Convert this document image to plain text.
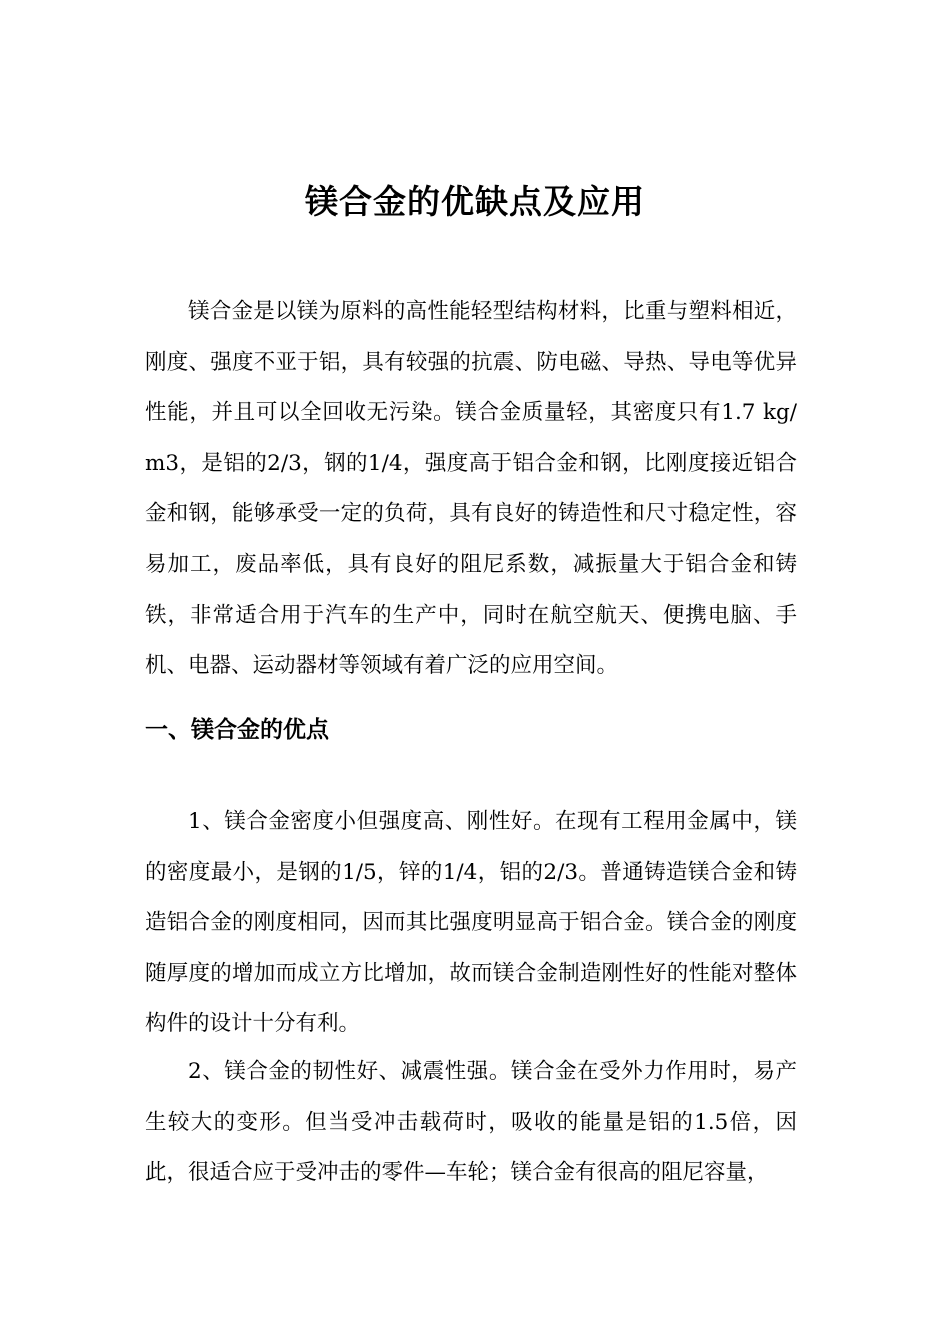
镁合金的优缺点及应用

镁合金是以镁为原料的高性能轻型结构材料，比重与塑料相近，刚度、强度不亚于铝，具有较强的抗震、防电磁、导热、导电等优异性能，并且可以全回收无污染。镁合金质量轻，其密度只有1.7 kg/m3，是铝的2/3，钢的1/4，强度高于铝合金和钢，比刚度接近铝合金和钢，能够承受一定的负荷，具有良好的铸造性和尺寸稳定性，容易加工，废品率低，具有良好的阻尼系数，减振量大于铝合金和铸铁，非常适合用于汽车的生产中，同时在航空航天、便携电脑、手机、电器、运动器材等领域有着广泛的应用空间。

一、镁合金的优点

1、镁合金密度小但强度高、刚性好。在现有工程用金属中，镁的密度最小，是钢的1/5，锌的1/4，铝的2/3。普通铸造镁合金和铸造铝合金的刚度相同，因而其比强度明显高于铝合金。镁合金的刚度随厚度的增加而成立方比增加，故而镁合金制造刚性好的性能对整体构件的设计十分有利。

2、镁合金的韧性好、减震性强。镁合金在受外力作用时，易产生较大的变形。但当受冲击载荷时，吸收的能量是铝的1.5倍，因此，很适合应于受冲击的零件—车轮；镁合金有很高的阻尼容量，
